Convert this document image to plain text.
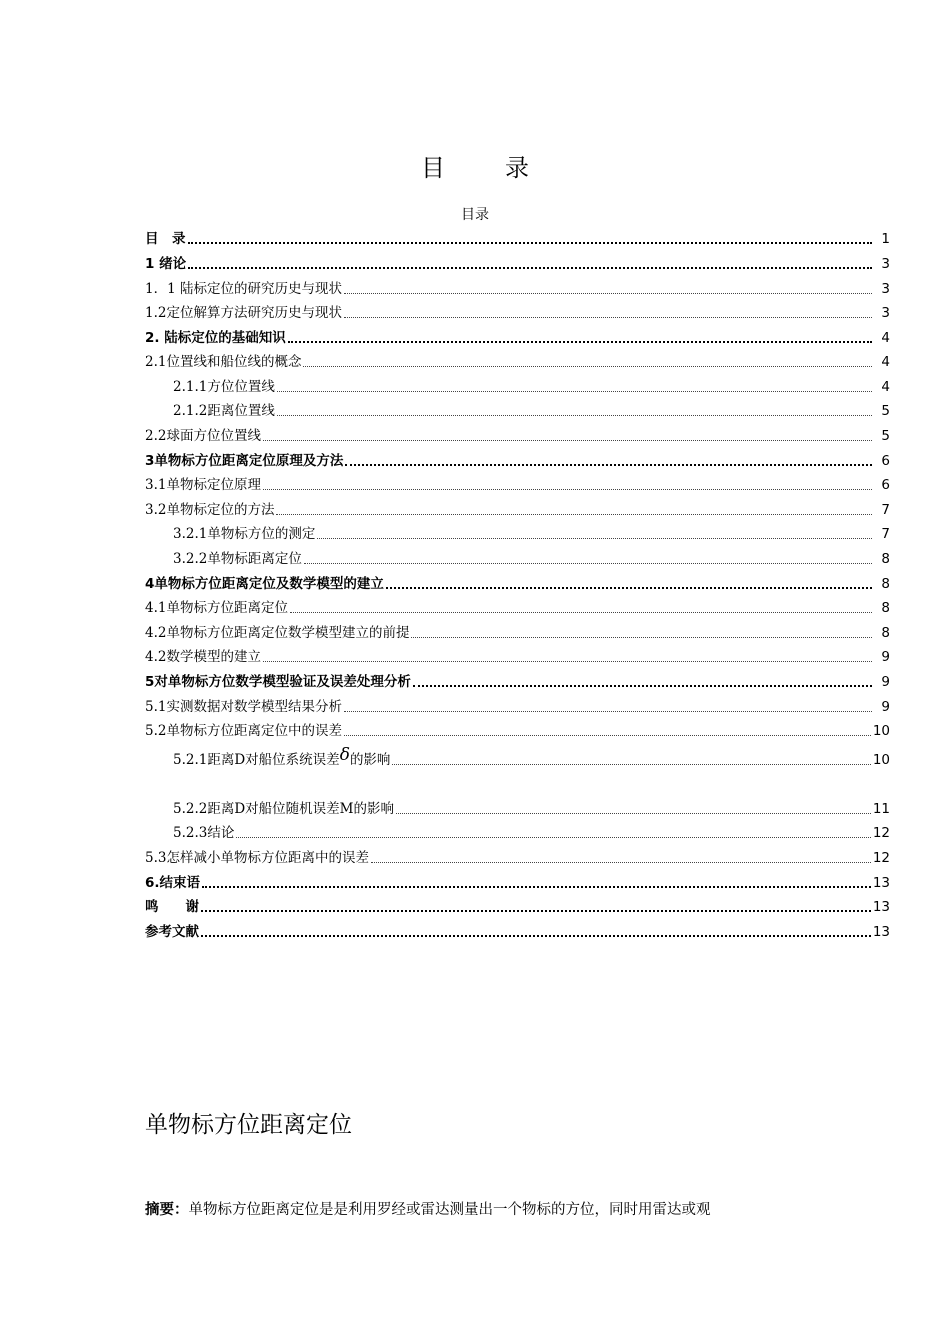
目　录
目录
目　录	1
1 绪论	3
1．1 陆标定位的研究历史与现状	3
1.2定位解算方法研究历史与现状	3
2. 陆标定位的基础知识	4
2.1位置线和船位线的概念	4
2.1.1方位位置线	4
2.1.2距离位置线	5
2.2球面方位位置线	5
3单物标方位距离定位原理及方法	6
3.1单物标定位原理	6
3.2单物标定位的方法	7
3.2.1单物标方位的测定	7
3.2.2单物标距离定位	8
4单物标方位距离定位及数学模型的建立	8
4.1单物标方位距离定位	8
4.2单物标方位距离定位数学模型建立的前提	8
4.2数学模型的建立	9
5对单物标方位数学模型验证及误差处理分析	9
5.1实测数据对数学模型结果分析	9
5.2单物标方位距离定位中的误差	10
5.2.1距离D对船位系统误差 δ 的影响	10
5.2.2距离D对船位随机误差M的影响	11
5.2.3结论	12
5.3怎样减小单物标方位距离中的误差	12
6.结束语	13
鸣　　谢	13
参考文献	13
单物标方位距离定位
摘要：单物标方位距离定位是是利用罗经或雷达测量出一个物标的方位，同时用雷达或观
